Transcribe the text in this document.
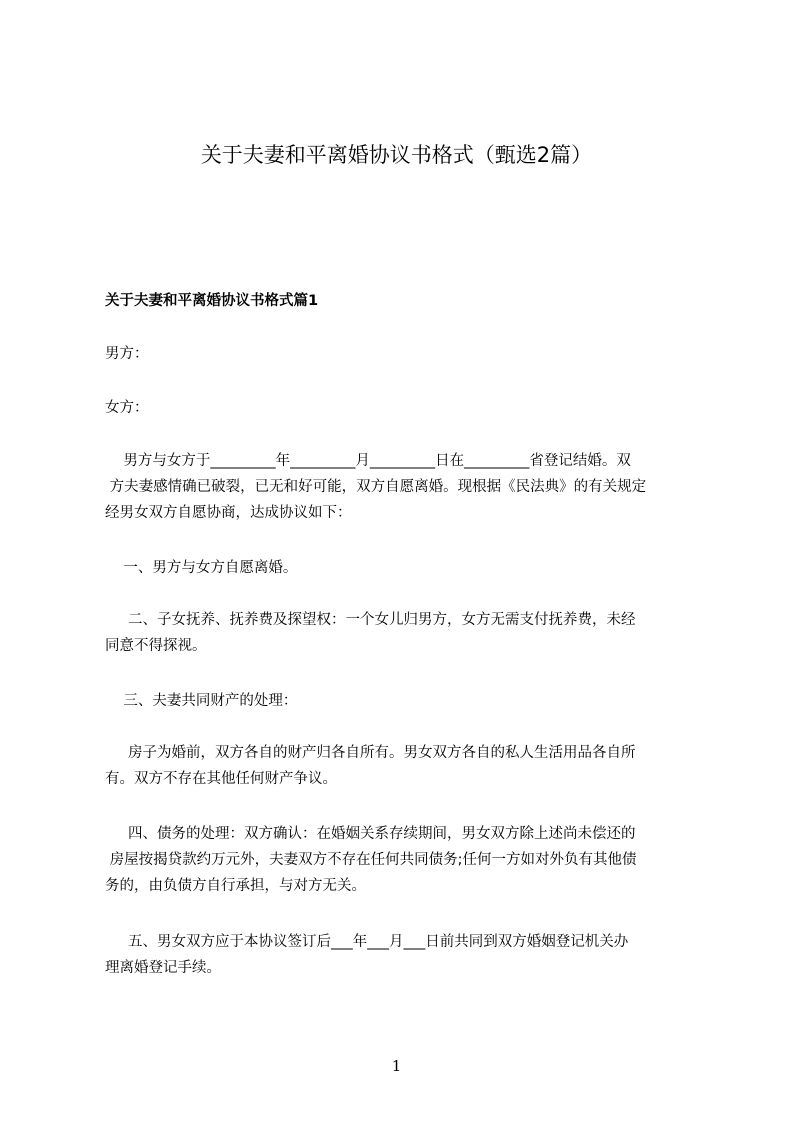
关于夫妻和平离婚协议书格式（甄选2篇）
关于夫妻和平离婚协议书格式篇1
男方：
女方：
男方与女方于_________年_________月_________日在_________省登记结婚。双
方夫妻感情确已破裂，已无和好可能，双方自愿离婚。现根据《民法典》的有关规定
经男女双方自愿协商，达成协议如下：
一、男方与女方自愿离婚。
二、子女抚养、抚养费及探望权：一个女儿归男方，女方无需支付抚养费，未经
同意不得探视。
三、夫妻共同财产的处理：
房子为婚前，双方各自的财产归各自所有。男女双方各自的私人生活用品各自所
有。双方不存在其他任何财产争议。
四、债务的处理：双方确认：在婚姻关系存续期间，男女双方除上述尚未偿还的
房屋按揭贷款约万元外，夫妻双方不存在任何共同债务;任何一方如对外负有其他债
务的，由负债方自行承担，与对方无关。
五、男女双方应于本协议签订后___年___月___日前共同到双方婚姻登记机关办
理离婚登记手续。
1
